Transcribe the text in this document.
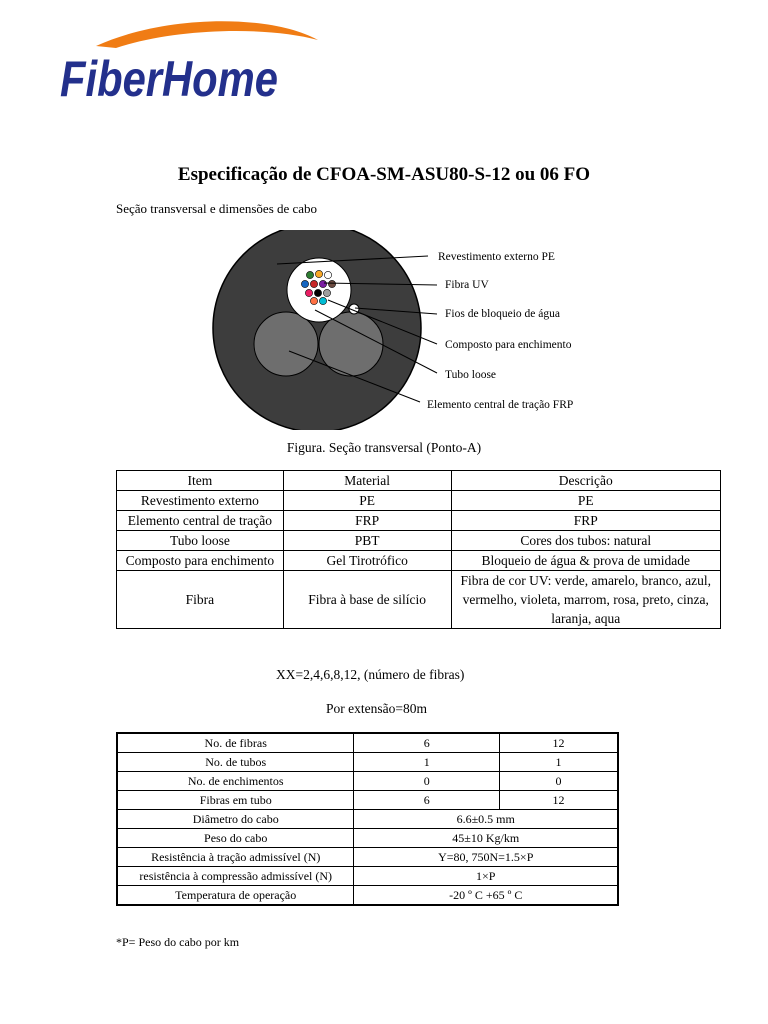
FiberHome
Especificação de CFOA-SM-ASU80-S-12 ou 06 FO
Seção transversal e dimensões de cabo
Revestimento externo PE
Fibra UV
Fios de bloqueio de água
Composto para enchimento
Tubo loose
Elemento central de tração FRP
Figura. Seção transversal (Ponto-A)
Item	Material	Descrição
Revestimento externo	PE	PE
Elemento central de tração	FRP	FRP
Tubo loose	PBT	Cores dos tubos: natural
Composto para enchimento	Gel Tirotrófico	Bloqueio de água & prova de umidade
Fibra	Fibra à base de silício	Fibra de cor UV: verde, amarelo, branco, azul, vermelho, violeta, marrom, rosa, preto, cinza, laranja, aqua
XX=2,4,6,8,12, (número de fibras)
Por extensão=80m
No. de fibras	6	12
No. de tubos	1	1
No. de enchimentos	0	0
Fibras em tubo	6	12
Diâmetro do cabo	6.6±0.5 mm	
Peso do cabo	45±10 Kg/km	
Resistência à tração admissível (N)	Y=80, 750N=1.5×P	
resistência à compressão admissível (N)	1×P	
Temperatura de operação	-20 º C +65 º C	
*P= Peso do cabo por km
